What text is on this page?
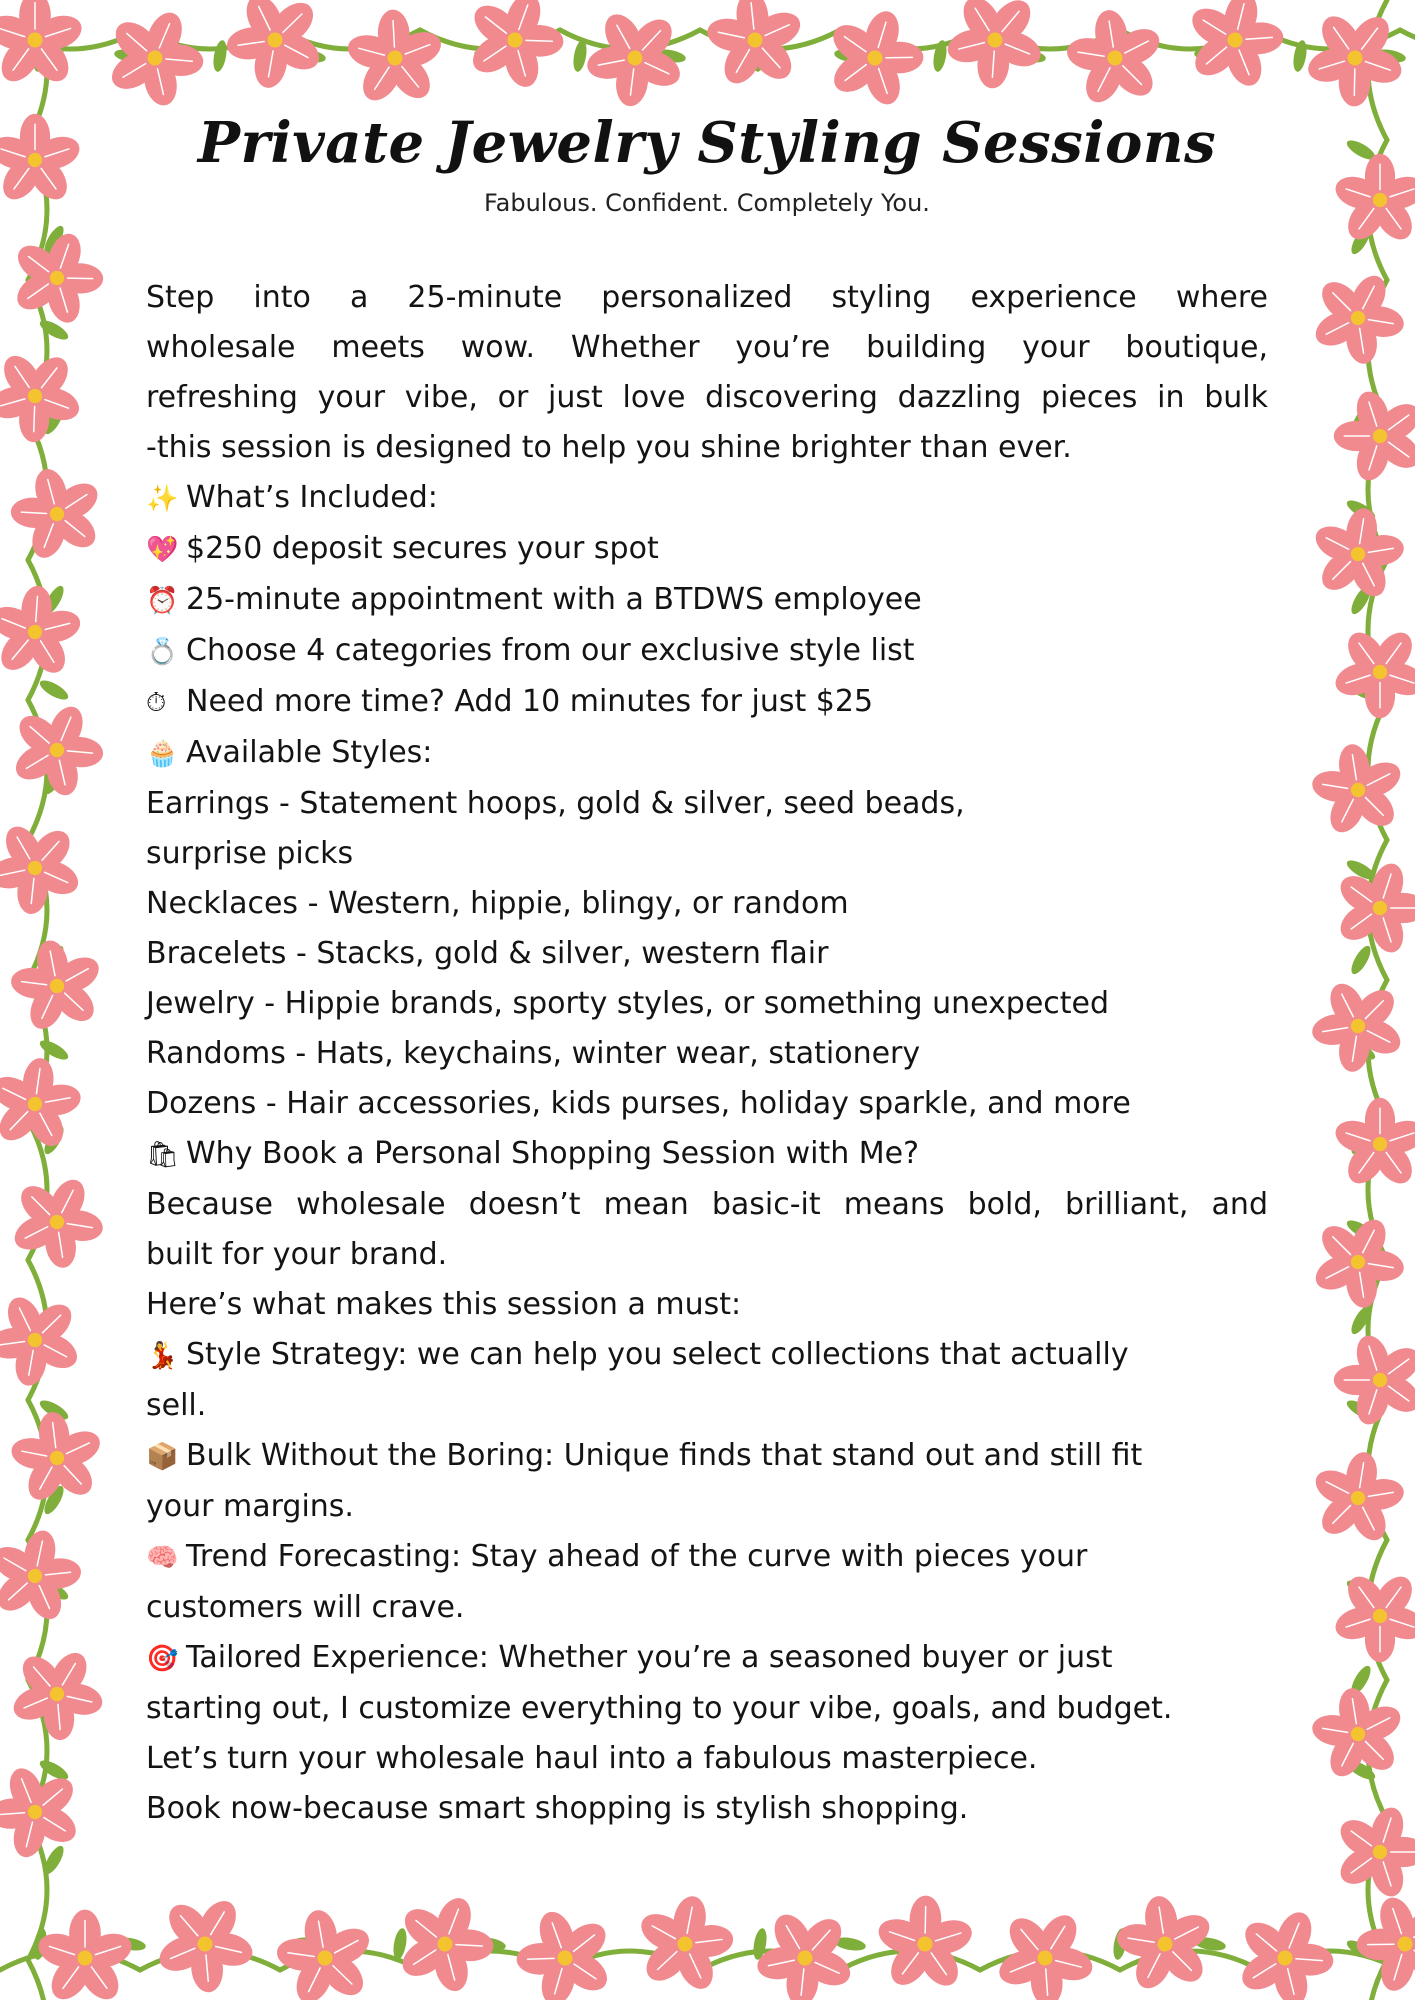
Private Jewelry Styling Sessions
Fabulous. Confident. Completely You.

Step into a 25-minute personalized styling experience where

wholesale meets wow. Whether you’re building your boutique,

refreshing your vibe, or just love discovering dazzling pieces in bulk

-this session is designed to help you shine brighter than ever.

✨ What’s Included:

💖 $250 deposit secures your spot

⏰ 25-minute appointment with a BTDWS employee

💍 Choose 4 categories from our exclusive style list

⏱ Need more time? Add 10 minutes for just $25

🧁 Available Styles:

Earrings - Statement hoops, gold & silver, seed beads,

surprise picks

Necklaces - Western, hippie, blingy, or random

Bracelets - Stacks, gold & silver, western flair

Jewelry - Hippie brands, sporty styles, or something unexpected

Randoms - Hats, keychains, winter wear, stationery

Dozens - Hair accessories, kids purses, holiday sparkle, and more

🛍 Why Book a Personal Shopping Session with Me?

Because wholesale doesn’t mean basic-it means bold, brilliant, and

built for your brand.

Here’s what makes this session a must:

💃 Style Strategy: we can help you select collections that actually

sell.

📦 Bulk Without the Boring: Unique finds that stand out and still fit

your margins.

🧠 Trend Forecasting: Stay ahead of the curve with pieces your

customers will crave.

🎯 Tailored Experience: Whether you’re a seasoned buyer or just

starting out, I customize everything to your vibe, goals, and budget.

Let’s turn your wholesale haul into a fabulous masterpiece.

Book now-because smart shopping is stylish shopping.
